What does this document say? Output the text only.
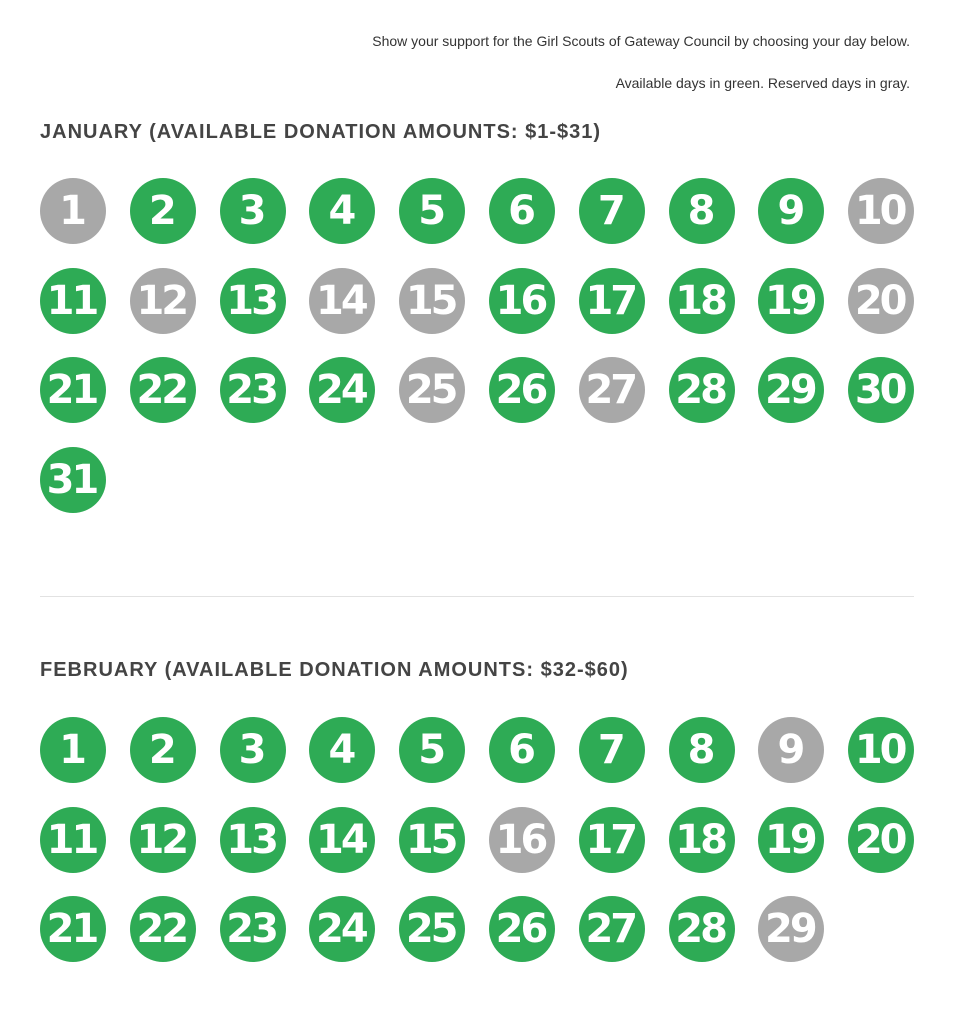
Show your support for the Girl Scouts of Gateway Council by choosing your day below.

Available days in green. Reserved days in gray.

JANUARY (AVAILABLE DONATION AMOUNTS: $1-$31)
1	2	3	4	5	6	7	8	9	10
11 12 13 14 15 16 17 18 19 20
21 22 23 24 25 26 27 28 29 30
31
FEBRUARY (AVAILABLE DONATION AMOUNTS: $32-$60)
1	2	3	4	5	6	7	8	9	10
11 12 13 14 15 16 17 18 19 20
21 22 23 24 25 26 27 28 29
